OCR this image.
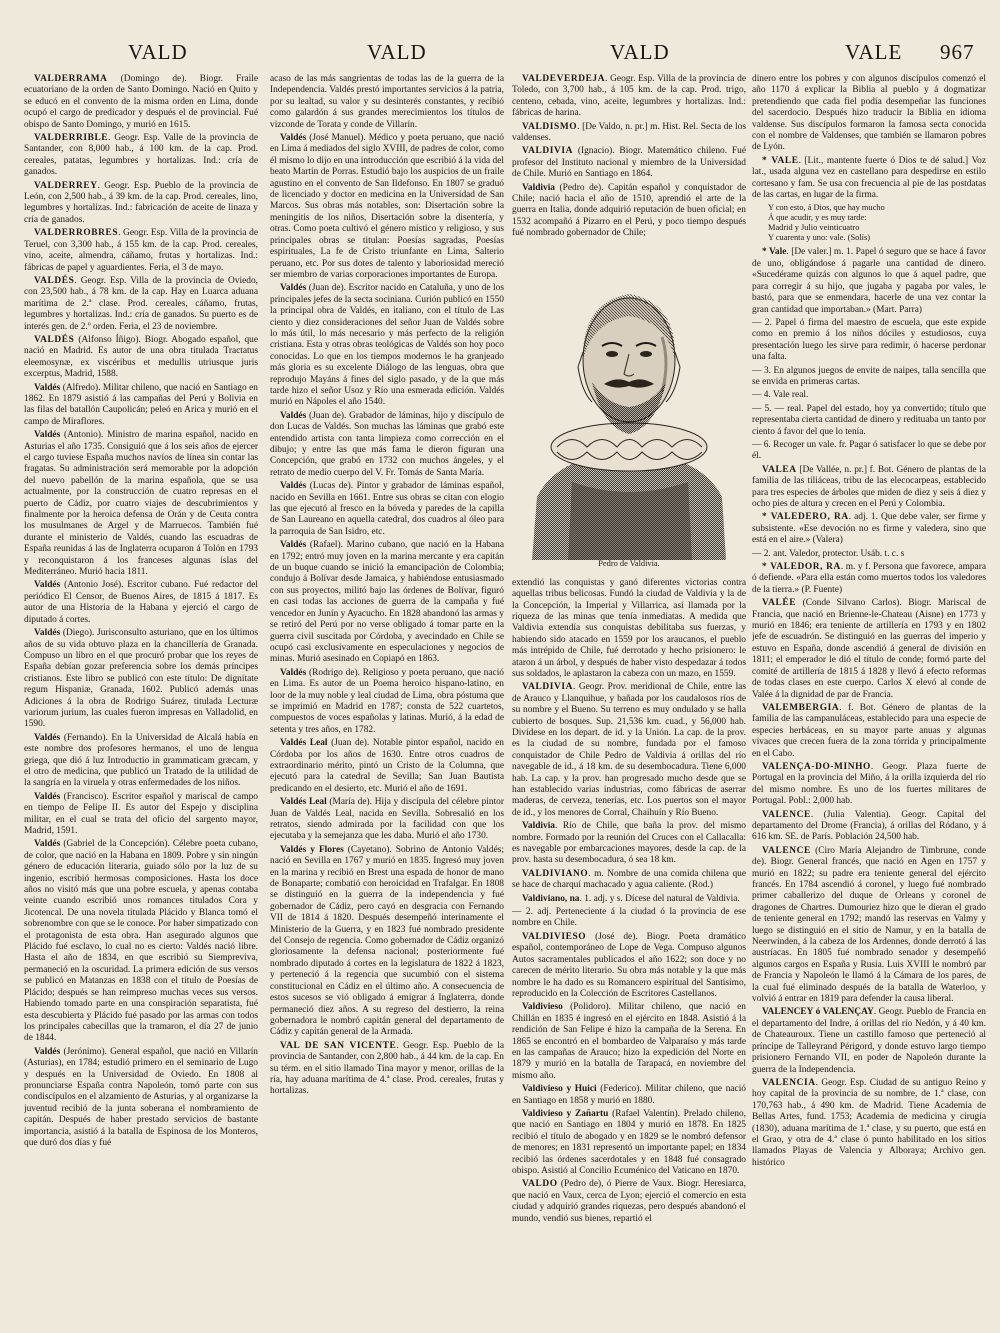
VALD	VALD	VALD	VALE 967

VALDERRAMA (Domingo de). Biogr. Fraile ecuatoriano de la orden de Santo Domingo. Nació en Quito y se educó en el convento de la misma orden en Lima, donde ocupó el cargo de predicador y después el de provincial. Fué obispo de Santo Domingo, y murió en 1615.

VALDERRIBLE. Geogr. Esp. Valle de la provincia de Santander, con 8,000 hab., á 100 km. de la cap. Prod. cereales, patatas, legumbres y hortalizas. Ind.: cría de ganados.

VALDERREY. Geogr. Esp. Pueblo de la provincia de León, con 2,500 hab., á 39 km. de la cap. Prod. cereales, lino, legumbres y hortalizas. Ind.: fabricación de aceite de linaza y cría de ganados.

VALDERROBRES. Geogr. Esp. Villa de la provincia de Teruel, con 3,300 hab., á 155 km. de la cap. Prod. cereales, vino, aceite, almendra, cáñamo, frutas y hortalizas. Ind.: fábricas de papel y aguardientes. Feria, el 3 de mayo.

VALDÉS. Geogr. Esp. Villa de la provincia de Oviedo, con 23,500 hab., á 78 km. de la cap. Hay en Luarca aduana marítima de 2.ª clase. Prod. cereales, cáñamo, frutas, legumbres y hortalizas. Ind.: cría de ganados. Su puerto es de interés gen. de 2.º orden. Feria, el 23 de noviembre.

VALDÉS (Alfonso Íñigo). Biogr. Abogado español, que nació en Madrid. Es autor de una obra titulada Tractatus eleemosynæ, ex viscéribus et medullis utriusque juris excerptus, Madrid, 1588.

Valdés (Alfredo). Militar chileno, que nació en Santiago en 1862. En 1879 asistió á las campañas del Perú y Bolivia en las filas del batallón Caupolicán; peleó en Arica y murió en el campo de Miraflores.

Valdés (Antonio). Ministro de marina español, nacido en Asturias el año 1735. Consiguió que á los seis años de ejercer el cargo tuviese España muchos navíos de línea sin contar las fragatas. Su administración será memorable por la adopción del nuevo pabellón de la marina española, que se usa actualmente, por la construcción de cuatro represas en el puerto de Cádiz, por cuatro viajes de descubrimientos y finalmente por la heroica defensa de Orán y de Ceuta contra los musulmanes de Argel y de Marruecos. También fué durante el ministerio de Valdés, cuando las escuadras de España reunidas á las de Inglaterra ocuparon á Tolón en 1793 y reconquistaron á los franceses algunas islas del Mediterráneo. Murió hacia 1811.

Valdés (Antonio José). Escritor cubano. Fué redactor del periódico El Censor, de Buenos Aires, de 1815 á 1817. Es autor de una Historia de la Habana y ejerció el cargo de diputado á cortes.

Valdés (Diego). Jurisconsulto asturiano, que en los últimos años de su vida obtuvo plaza en la chancillería de Granada. Compuso un libro en el que procuró probar que los reyes de España debían gozar preferencia sobre los demás príncipes cristianos. Este libro se publicó con este título: De dignitate regum Hispaniæ, Granada, 1602. Publicó además unas Adiciones á la obra de Rodrigo Suárez, titulada Lecturæ variorum jurium, las cuales fueron impresas en Valladolid, en 1590.

Valdés (Fernando). En la Universidad de Alcalá había en este nombre dos profesores hermanos, el uno de lengua griega, que dió á luz Introductio in grammaticam græcam, y el otro de medicina, que publicó un Tratado de la utilidad de la sangría en la viruela y otras enfermedades de los niños.

Valdés (Francisco). Escritor español y mariscal de campo en tiempo de Felipe II. Es autor del Espejo y disciplina militar, en el cual se trata del oficio del sargento mayor, Madrid, 1591.

Valdés (Gabriel de la Concepción). Célebre poeta cubano, de color, que nació en la Habana en 1809. Pobre y sin ningún género de educación literaria, guiado sólo por la luz de su ingenio, escribió hermosas composiciones. Hasta los doce años no visitó más que una pobre escuela, y apenas contaba veinte cuando escribió unos romances titulados Cora y Jicotencal. De una novela titulada Plácido y Blanca tomó el sobrenombre con que se le conoce. Por haber simpatizado con el protagonista de esta obra. Han asegurado algunos que Plácido fué esclavo, lo cual no es cierto: Valdés nació libre. Hasta el año de 1834, en que escribió su Siempreviva, permaneció en la oscuridad. La primera edición de sus versos se publicó en Matanzas en 1838 con el título de Poesías de Plácido; después se han reimpreso muchas veces sus versos. Habiendo tomado parte en una conspiración separatista, fué esta descubierta y Plácido fué pasado por las armas con todos los principales cabecillas que la tramaron, el día 27 de junio de 1844.

Valdés (Jerónimo). General español, que nació en Villarín (Asturias), en 1784; estudió primero en el seminario de Lugo y después en la Universidad de Oviedo. En 1808 al pronunciarse España contra Napoleón, tomó parte con sus condiscípulos en el alzamiento de Asturias, y al organizarse la juventud recibió de la junta soberana el nombramiento de capitán. Después de haber prestado servicios de bastante importancia, asistió á la batalla de Espinosa de los Monteros, que duró dos días y fué

acaso de las más sangrientas de todas las de la guerra de la Independencia. Valdés prestó importantes servicios á la patria, por su lealtad, su valor y su desinterés constantes, y recibió como galardón á sus grandes merecimientos los títulos de vizconde de Torata y conde de Villarín.

Valdés (José Manuel). Médico y poeta peruano, que nació en Lima á mediados del siglo XVIII, de padres de color, como él mismo lo dijo en una introducción que escribió á la vida del beato Martín de Porras. Estudió bajo los auspicios de un fraile agustino en el convento de San Ildefonso. En 1807 se graduó de licenciado y doctor en medicina en la Universidad de San Marcos. Sus obras más notables, son: Disertación sobre la meningitis de los niños, Disertación sobre la disentería, y otras. Como poeta cultivó el género místico y religioso, y sus principales obras se titulan: Poesías sagradas, Poesías espirituales, La fe de Cristo triunfante en Lima, Salterio peruano, etc. Por sus dotes de talento y laboriosidad mereció ser miembro de varias corporaciones importantes de Europa.

Valdés (Juan de). Escritor nacido en Cataluña, y uno de los principales jefes de la secta sociniana. Curión publicó en 1550 la principal obra de Valdés, en italiano, con el título de Las ciento y diez consideraciones del señor Juan de Valdés sobre lo más útil, lo más necesario y más perfecto de la religión cristiana. Esta y otras obras teológicas de Valdés son hoy poco conocidas. Lo que en los tiempos modernos le ha granjeado más gloria es su excelente Diálogo de las lenguas, obra que reprodujo Mayáns á fines del siglo pasado, y de la que más tarde hizo el señor Usoz y Río una esmerada edición. Valdés murió en Nápoles el año 1540.

Valdés (Juan de). Grabador de láminas, hijo y discípulo de don Lucas de Valdés. Son muchas las láminas que grabó este entendido artista con tanta limpieza como corrección en el dibujo; y entre las que más fama le dieron figuran una Concepción, que grabó en 1732 con muchos ángeles, y el retrato de medio cuerpo del V. Fr. Tomás de Santa María.

Valdés (Lucas de). Pintor y grabador de láminas español, nacido en Sevilla en 1661. Entre sus obras se citan con elogio las que ejecutó al fresco en la bóveda y paredes de la capilla de San Laureano en aquella catedral, dos cuadros al óleo para la parroquia de San Isidro, etc.

Valdés (Rafael). Marino cubano, que nació en la Habana en 1792; entró muy joven en la marina mercante y era capitán de un buque cuando se inició la emancipación de Colombia; condujo á Bolívar desde Jamaica, y habiéndose entusiasmado con sus proyectos, militó bajo las órdenes de Bolívar, figuró en casi todas las acciones de guerra de la campaña y fué vencedor en Junín y Ayacucho. En 1828 abandonó las armas y se retiró del Perú por no verse obligado á tomar parte en la guerra civil suscitada por Córdoba, y avecindado en Chile se ocupó casi exclusivamente en especulaciones y negocios de minas. Murió asesinado en Copiapó en 1863.

Valdés (Rodrigo de). Religioso y poeta peruano, que nació en Lima. Es autor de un Poema heroico hispano-latino, en loor de la muy noble y leal ciudad de Lima, obra póstuma que se imprimió en Madrid en 1787; consta de 522 cuartetos, compuestos de voces españolas y latinas. Murió, á la edad de setenta y tres años, en 1782.

Valdés Leal (Juan de). Notable pintor español, nacido en Córdoba por los años de 1630. Entre otros cuadros de extraordinario mérito, pintó un Cristo de la Columna, que ejecutó para la catedral de Sevilla; San Juan Bautista predicando en el desierto, etc. Murió el año de 1691.

Valdés Leal (María de). Hija y discípula del célebre pintor Juan de Valdés Leal, nacida en Sevilla. Sobresalió en los retratos, siendo admirada por la facilidad con que los ejecutaba y la semejanza que les daba. Murió el año 1730.

Valdés y Flores (Cayetano). Sobrino de Antonio Valdés; nació en Sevilla en 1767 y murió en 1835. Ingresó muy joven en la marina y recibió en Brest una espada de honor de mano de Bonaparte; combatió con heroicidad en Trafalgar. En 1808 se distinguió en la guerra de la independencia y fué gobernador de Cádiz, pero cayó en desgracia con Fernando VII de 1814 á 1820. Después desempeñó interinamente el Ministerio de la Guerra, y en 1823 fué nombrado presidente del Consejo de regencia. Como gobernador de Cádiz organizó gloriosamente la defensa nacional; posteriormente fué nombrado diputado á cortes en la legislatura de 1822 á 1823, y perteneció á la regencia que sucumbió con el sistema constitucional en Cádiz en el último año. A consecuencia de estos sucesos se vió obligado á emigrar á Inglaterra, donde permaneció diez años. A su regreso del destierro, la reina gobernadora le nombró capitán general del departamento de Cádiz y capitán general de la Armada.

VAL DE SAN VICENTE. Geogr. Esp. Pueblo de la provincia de Santander, con 2,800 hab., á 44 km. de la cap. En su térm. en el sitio llamado Tina mayor y menor, orillas de la ría, hay aduana marítima de 4.ª clase. Prod. cereales, frutas y hortalizas.

VALDEVERDEJA. Geogr. Esp. Villa de la provincia de Toledo, con 3,700 hab., á 105 km. de la cap. Prod. trigo, centeno, cebada, vino, aceite, legumbres y hortalizas. Ind.: fábricas de harina.

VALDISMO. [De Valdo, n. pr.] m. Hist. Rel. Secta de los valdenses.

VALDIVIA (Ignacio). Biogr. Matemático chileno. Fué profesor del Instituto nacional y miembro de la Universidad de Chile. Murió en Santiago en 1864.

Valdivia (Pedro de). Capitán español y conquistador de Chile; nació hacia el año de 1510, aprendió el arte de la guerra en Italia, donde adquirió reputación de buen oficial; en 1532 acompañó á Pizarro en el Perú, y poco tiempo después fué nombrado gobernador de Chile;

Pedro de Valdivia.

extendió las conquistas y ganó diferentes victorias contra aquellas tribus belicosas. Fundó la ciudad de Valdivia y la de la Concepción, la Imperial y Villarrica, así llamada por la riqueza de las minas que tenía inmediatas. A medida que Valdivia extendía sus conquistas debilitaba sus fuerzas, y habiendo sido atacado en 1559 por los araucanos, el pueblo más intrépido de Chile, fué derrotado y hecho prisionero: le ataron á un árbol, y después de haber visto despedazar á todos sus soldados, le aplastaron la cabeza con un mazo, en 1559.

VALDIVIA. Geogr. Prov. meridional de Chile, entre las de Arauco y Llanquihue, y bañada por los caudalosos ríos de su nombre y el Bueno. Su terreno es muy ondulado y se halla cubierto de bosques. Sup. 21,536 km. cuad., y 56,000 hab. Divídese en los depart. de id. y la Unión. La cap. de la prov. es la ciudad de su nombre, fundada por el famoso conquistador de Chile Pedro de Valdivia á orillas del río navegable de id., á 18 km. de su desembocadura. Tiene 6,000 hab. La cap. y la prov. han progresado mucho desde que se han establecido varias industrias, como fábricas de aserrar maderas, de cerveza, tenerías, etc. Los puertos son el mayor de id., y los menores de Corral, Chaihuín y Río Bueno.

Valdivia. Río de Chile, que baña la prov. del mismo nombre. Formado por la reunión del Cruces con el Callacalla: es navegable por embarcaciones mayores, desde la cap. de la prov. hasta su desembocadura, ó sea 18 km.

VALDIVIANO. m. Nombre de una comida chilena que se hace de charquí machacado y agua caliente. (Rod.)

Valdiviano, na. 1. adj. y s. Dícese del natural de Valdivia.

— 2. adj. Perteneciente á la ciudad ó la provincia de ese nombre en Chile.

VALDIVIESO (José de). Biogr. Poeta dramático español, contemporáneo de Lope de Vega. Compuso algunos Autos sacramentales publicados el año 1622; son doce y no carecen de mérito literario. Su obra más notable y la que más nombre le ha dado es su Romancero espiritual del Santísimo, reproducido en la Colección de Escritores Castellanos.

Valdivieso (Polidoro). Militar chileno, que nació en Chillán en 1835 é ingresó en el ejército en 1848. Asistió á la rendición de San Felipe é hizo la campaña de la Serena. En 1865 se encontró en el bombardeo de Valparaíso y más tarde en las campañas de Arauco; hizo la expedición del Norte en 1879 y murió en la batalla de Tarapacá, en noviembre del mismo año.

Valdivieso y Huici (Federico). Militar chileno, que nació en Santiago en 1858 y murió en 1880.

Valdivieso y Zañartu (Rafael Valentín). Prelado chileno, que nació en Santiago en 1804 y murió en 1878. En 1825 recibió el título de abogado y en 1829 se le nombró defensor de menores; en 1831 representó un importante papel; en 1834 recibió las órdenes sacerdotales y en 1848 fué consagrado obispo. Asistió al Concilio Ecuménico del Vaticano en 1870.

VALDO (Pedro de), ó Pierre de Vaux. Biogr. Heresiarca, que nació en Vaux, cerca de Lyon; ejerció el comercio en esta ciudad y adquirió grandes riquezas, pero después abandonó el mundo, vendió sus bienes, repartió el

dinero entre los pobres y con algunos discípulos comenzó el año 1170 á explicar la Biblia al pueblo y á dogmatizar pretendiendo que cada fiel podía desempeñar las funciones del sacerdocio. Después hizo traducir la Biblia en idioma valdense. Sus discípulos formaron la famosa secta conocida con el nombre de Valdenses, que también se llamaron pobres de Lyón.

* VALE. [Lit., mantente fuerte ó Dios te dé salud.] Voz lat., usada alguna vez en castellano para despedirse en estilo cortesano y fam. Se usa con frecuencia al pie de las postdatas de las cartas, en lugar de la firma.

Y con esto, á Dios, que hay mucho
Á que acudir, y es muy tarde:
Madrid y Julio veinticuatro
Y cuarenta y uno: vale. (Solís)

* Vale. [De valer.] m. 1. Papel ó seguro que se hace á favor de uno, obligándose á pagarle una cantidad de dinero. «Sucedérame quizás con algunos lo que á aquel padre, que para corregir á su hijo, que jugaba y pagaba por vales, le bastó, para que se enmendara, hacerle de una vez contar la gran cantidad que importaban.» (Mart. Parra)

— 2. Papel ó firma del maestro de escuela, que este expide como en premio á los niños dóciles y estudiosos, cuya presentación luego les sirve para redimir, ó hacerse perdonar una falta.

— 3. En algunos juegos de envite de naipes, talla sencilla que se envida en primeras cartas.

— 4. Vale real.

— 5. — real. Papel del estado, hoy ya convertido; título que representaba cierta cantidad de dinero y redituaba un tanto por ciento á favor del que lo tenía.

— 6. Recoger un vale. fr. Pagar ó satisfacer lo que se debe por él.

VALEA [De Vallée, n. pr.] f. Bot. Género de plantas de la familia de las tiliáceas, tribu de las elecocarpeas, establecido para tres especies de árboles que miden de diez y seis á diez y ocho pies de altura y crecen en el Perú y Colombia.

* VALEDERO, RA. adj. 1. Que debe valer, ser firme y subsistente. «Ese devoción no es firme y valedera, sino que está en el aire.» (Valera)

— 2. ant. Valedor, protector. Usáb. t. c. s

* VALEDOR, RA. m. y f. Persona que favorece, ampara ó defiende. «Para ella están como muertos todos los valedores de la tierra.» (P. Fuente)

VALÉE (Conde Silvano Carlos). Biogr. Mariscal de Francia, que nació en Brienne-le-Chateau (Aisne) en 1773 y murió en 1846; era teniente de artillería en 1793 y en 1802 jefe de escuadrón. Se distinguió en las guerras del imperio y estuvo en España, donde ascendió á general de división en 1811; el emperador le dió el título de conde; formó parte del comité de artillería de 1815 á 1828 y llevó á efecto reformas de todas clases en este cuerpo. Carlos X elevó al conde de Valée á la dignidad de par de Francia.

VALEMBERGIA. f. Bot. Género de plantas de la familia de las campanuláceas, establecido para una especie de especies herbáceas, en su mayor parte anuas y algunas vivaces que crecen fuera de la zona tórrida y principalmente en el Cabo.

VALENÇA-DO-MINHO. Geogr. Plaza fuerte de Portugal en la provincia del Miño, á la orilla izquierda del río del mismo nombre. Es uno de los fuertes militares de Portugal. Pobl.: 2,000 hab.

VALENCE. (Julia Valentia). Geogr. Capital del departamento del Drome (Francia), á orillas del Ródano, y á 616 km. SE. de París. Población 24,500 hab.

VALENCE (Ciro María Alejandro de Timbrune, conde de). Biogr. General francés, que nació en Agen en 1757 y murió en 1822; su padre era teniente general del ejército francés. En 1784 ascendió á coronel, y luego fué nombrado primer caballerizo del duque de Orleans y coronel de dragones de Chartres. Dumouriez hizo que le dieran el grado de teniente general en 1792; mandó las reservas en Valmy y luego se distinguió en el sitio de Namur, y en la batalla de Neerwinden, á la cabeza de los Ardennes, donde derrotó á las austríacas. En 1805 fué nombrado senador y desempeñó algunos cargos en España y Rusia. Luis XVIII le nombró par de Francia y Napoleón le llamó á la Cámara de los pares, de la cual fué eliminado después de la batalla de Waterloo, y volvió á entrar en 1819 para defender la causa liberal.

VALENCEY ó VALENÇAY. Geogr. Pueblo de Francia en el departamento del Indre, á orillas del río Nedón, y á 40 km. de Chateauroux. Tiene un castillo famoso que perteneció al príncipe de Talleyrand Périgord, y donde estuvo largo tiempo prisionero Fernando VII, en poder de Napoleón durante la guerra de la Independencia.

VALENCIA. Geogr. Esp. Ciudad de su antiguo Reino y hoy capital de la provincia de su nombre, de 1.ª clase, con 170,763 hab., á 490 km. de Madrid. Tiene Academia de Bellas Artes, fund. 1753; Academia de medicina y cirugía (1830), aduana marítima de 1.ª clase, y su puerto, que está en el Grao, y otra de 4.ª clase ó punto habilitado en los sitios llamados Playas de Valencia y Alboraya; Archivo gen. histórico
